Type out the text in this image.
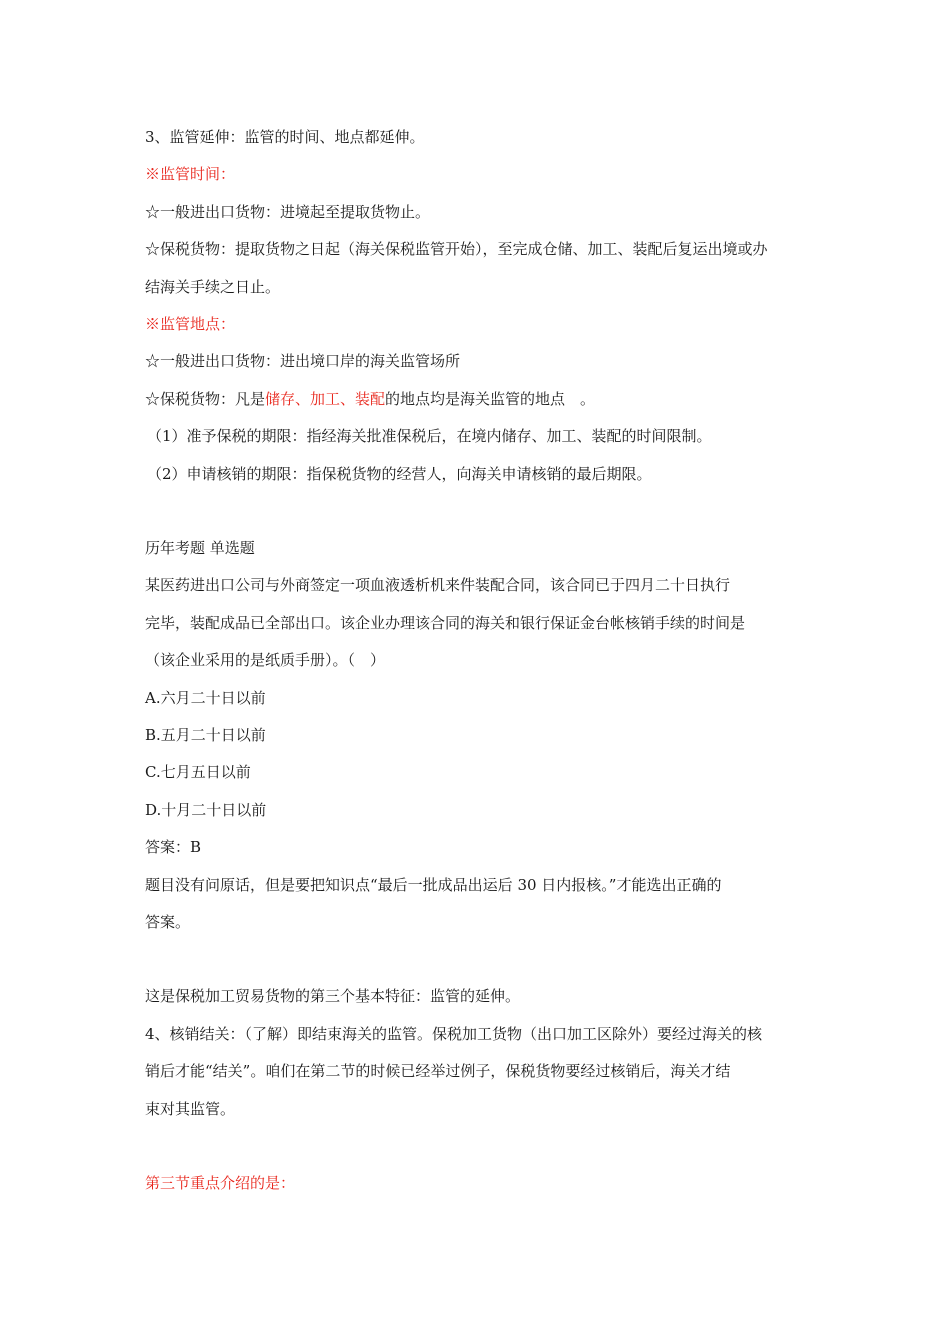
3、监管延伸：监管的时间、地点都延伸。
※监管时间：
☆一般进出口货物：进境起至提取货物止。
☆保税货物：提取货物之日起（海关保税监管开始），至完成仓储、加工、装配后复运出境或办
结海关手续之日止。
※监管地点：
☆一般进出口货物：进出境口岸的海关监管场所
☆保税货物：凡是储存、加工、装配的地点均是海关监管的地点　。
（1）准予保税的期限：指经海关批准保税后，在境内储存、加工、装配的时间限制。
（2）申请核销的期限：指保税货物的经营人，向海关申请核销的最后期限。
历年考题 单选题
某医药进出口公司与外商签定一项血液透析机来件装配合同，该合同已于四月二十日执行
完毕，装配成品已全部出口。该企业办理该合同的海关和银行保证金台帐核销手续的时间是
（该企业采用的是纸质手册）。（　）
A.六月二十日以前
B.五月二十日以前
C.七月五日以前
D.十月二十日以前
答案：B
题目没有问原话，但是要把知识点“最后一批成品出运后 30 日内报核。”才能选出正确的
答案。
这是保税加工贸易货物的第三个基本特征：监管的延伸。
4、核销结关：（了解）即结束海关的监管。保税加工货物（出口加工区除外）要经过海关的核
销后才能“结关”。咱们在第二节的时候已经举过例子，保税货物要经过核销后，海关才结
束对其监管。
第三节重点介绍的是：
